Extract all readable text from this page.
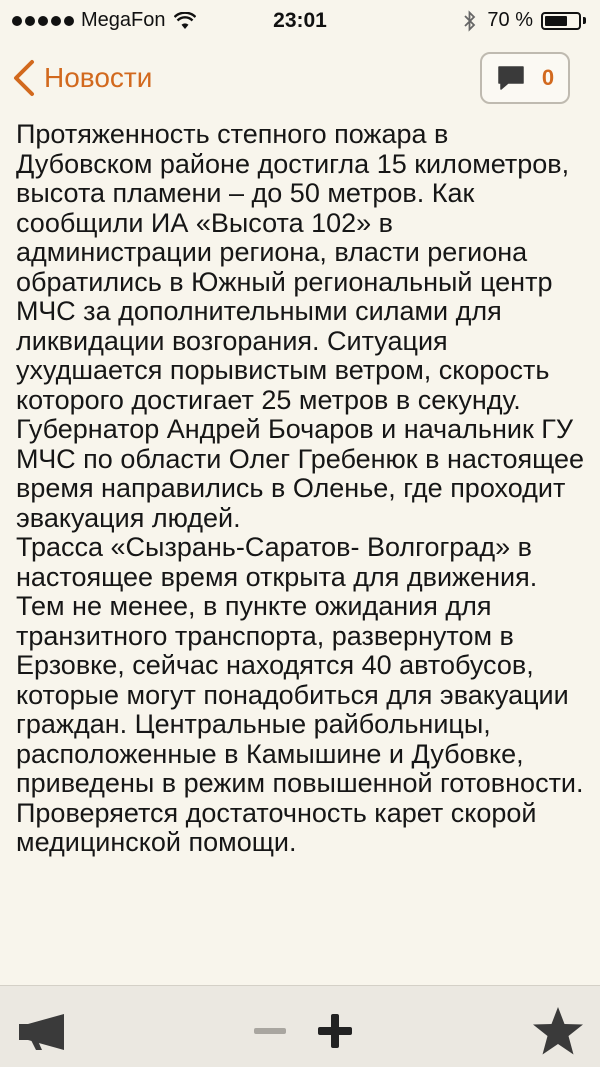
MegaFon	23:01	70 %
Новости	0

Протяженность степного пожара в Дубовском районе достигла 15 километров, высота пламени – до 50 метров. Как сообщили ИА «Высота 102» в администрации региона, власти региона обратились в Южный региональный центр МЧС за дополнительными силами для ликвидации возгорания. Ситуация ухудшается порывистым ветром, скорость которого достигает 25 метров в секунду. Губернатор Андрей Бочаров и начальник ГУ МЧС по области Олег Гребенюк в настоящее время направились в Оленье, где проходит эвакуация людей.

Трасса «Сызрань-Саратов- Волгоград» в настоящее время открыта для движения. Тем не менее, в пункте ожидания для транзитного транспорта, развернутом в Ерзовке, сейчас находятся 40 автобусов, которые могут понадобиться для эвакуации граждан. Центральные райбольницы, расположенные в Камышине и Дубовке, приведены в режим повышенной готовности. Проверяется достаточность карет скорой медицинской помощи.
